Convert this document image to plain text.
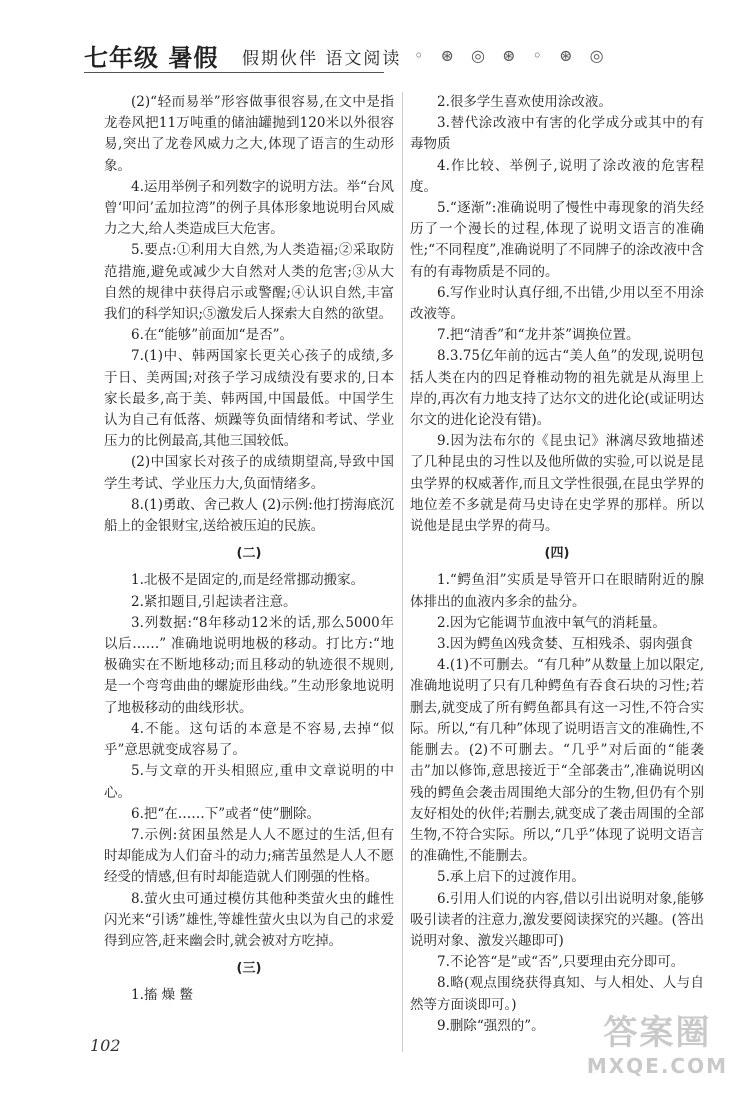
七年级 暑假 假期伙伴 语文阅读 ◦ ⊛ ◎ ⊛ ◦ ⊛ ◎
(2)“轻而易举”形容做事很容易,在文中是指龙卷风把11万吨重的储油罐抛到120米以外很容易,突出了龙卷风威力之大,体现了语言的生动形象。
4.运用举例子和列数字的说明方法。举“台风曾‘叩问’孟加拉湾”的例子具体形象地说明台风威力之大,给人类造成巨大危害。
5.要点:①利用大自然,为人类造福;②采取防范措施,避免或减少大自然对人类的危害;③从大自然的规律中获得启示或警醒;④认识自然,丰富我们的科学知识;⑤激发后人探索大自然的欲望。
6.在“能够”前面加“是否”。
7.(1)中、韩两国家长更关心孩子的成绩,多于日、美两国;对孩子学习成绩没有要求的,日本家长最多,高于美、韩两国,中国最低。中国学生认为自己有低落、烦躁等负面情绪和考试、学业压力的比例最高,其他三国较低。
(2)中国家长对孩子的成绩期望高,导致中国学生考试、学业压力大,负面情绪多。
8.(1)勇敢、舍己救人 (2)示例:他打捞海底沉船上的金银财宝,送给被压迫的民族。
(二)
1.北极不是固定的,而是经常挪动搬家。
2.紧扣题目,引起读者注意。
3.列数据:“8年移动12米的话,那么5000年以后……” 准确地说明地极的移动。打比方:“地极确实在不断地移动;而且移动的轨迹很不规则,是一个弯弯曲曲的螺旋形曲线。”生动形象地说明了地极移动的曲线形状。
4.不能。这句话的本意是不容易,去掉“似乎”意思就变成容易了。
5.与文章的开头相照应,重申文章说明的中心。
6.把“在……下”或者“使”删除。
7.示例:贫困虽然是人人不愿过的生活,但有时却能成为人们奋斗的动力;痛苦虽然是人人不愿经受的情感,但有时却能造就人们刚强的性格。
8.萤火虫可通过模仿其他种类萤火虫的雌性闪光来“引诱”雄性,等雄性萤火虫以为自己的求爱得到应答,赶来幽会时,就会被对方吃掉。
(三)
1.搐 燥 鳖
2.很多学生喜欢使用涂改液。
3.替代涂改液中有害的化学成分或其中的有毒物质
4.作比较、举例子,说明了涂改液的危害程度。
5.“逐渐”:准确说明了慢性中毒现象的消失经历了一个漫长的过程,体现了说明文语言的准确性;“不同程度”,准确说明了不同牌子的涂改液中含有的有毒物质是不同的。
6.写作业时认真仔细,不出错,少用以至不用涂改液等。
7.把“清香”和“龙井茶”调换位置。
8.3.75亿年前的远古“美人鱼”的发现,说明包括人类在内的四足脊椎动物的祖先就是从海里上岸的,再次有力地支持了达尔文的进化论(或证明达尔文的进化论没有错)。
9.因为法布尔的《昆虫记》淋漓尽致地描述了几种昆虫的习性以及他所做的实验,可以说是昆虫学界的权威著作,而且文学性很强,在昆虫学界的地位差不多就是荷马史诗在史学界的那样。所以说他是昆虫学界的荷马。
(四)
1.“鳄鱼泪”实质是导管开口在眼睛附近的腺体排出的血液内多余的盐分。
2.因为它能调节血液中氧气的消耗量。
3.因为鳄鱼凶残贪婪、互相残杀、弱肉强食
4.(1)不可删去。“有几种”从数量上加以限定,准确地说明了只有几种鳄鱼有吞食石块的习性;若删去,就变成了所有鳄鱼都具有这一习性,不符合实际。所以,“有几种”体现了说明语言文的准确性,不能删去。(2)不可删去。“几乎”对后面的“能袭击”加以修饰,意思接近于“全部袭击”,准确说明凶残的鳄鱼会袭击周围绝大部分的生物,但仍有个别友好相处的伙伴;若删去,就变成了袭击周围的全部生物,不符合实际。所以,“几乎”体现了说明文语言的准确性,不能删去。
5.承上启下的过渡作用。
6.引用人们说的内容,借以引出说明对象,能够吸引读者的注意力,激发要阅读探究的兴趣。(答出说明对象、激发兴趣即可)
7.不论答“是”或“否”,只要理由充分即可。
8.略(观点围绕获得真知、与人相处、人与自然等方面谈即可。)
9.删除“强烈的”。
102	答案圈
MXQE.COM
